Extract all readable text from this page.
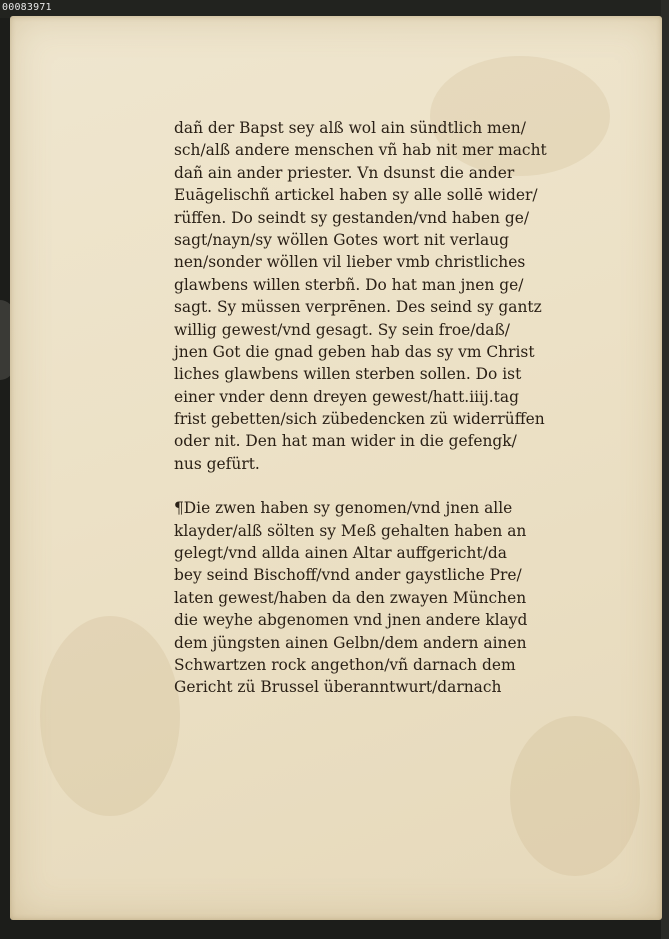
00083971
dañ der Bapst sey alß wol ain sündtlich men/
sch/alß andere menschen vñ hab nit mer macht
dañ ain ander priester. Vn dsunst die ander
Euāgelischñ artickel haben sy alle sollē wider/
rüffen. Do seindt sy gestanden/vnd haben ge/
sagt/nayn/sy wöllen Gotes wort nit verlaug
nen/sonder wöllen vil lieber vmb christliches
glawbens willen sterbñ. Do hat man jnen ge/
sagt. Sy müssen verprēnen. Des seind sy gantz
willig gewest/vnd gesagt. Sy sein froe/daß/
jnen Got die gnad geben hab das sy vm Christ
liches glawbens willen sterben sollen. Do ist
einer vnder denn dreyen gewest/hatt.iiij.tag
frist gebetten/sich zübedencken zü widerrüffen
oder nit. Den hat man wider in die gefengk/
nus gefürt.
¶Die zwen haben sy genomen/vnd jnen alle
klayder/alß sölten sy Meß gehalten haben an
gelegt/vnd allda ainen Altar auffgericht/da
bey seind Bischoff/vnd ander gaystliche Pre/
laten gewest/haben da den zwayen München
die weyhe abgenomen vnd jnen andere klayd
dem jüngsten ainen Gelbn/dem andern ainen
Schwartzen rock angethon/vñ darnach dem
Gericht zü Brussel überanntwurt/darnach
